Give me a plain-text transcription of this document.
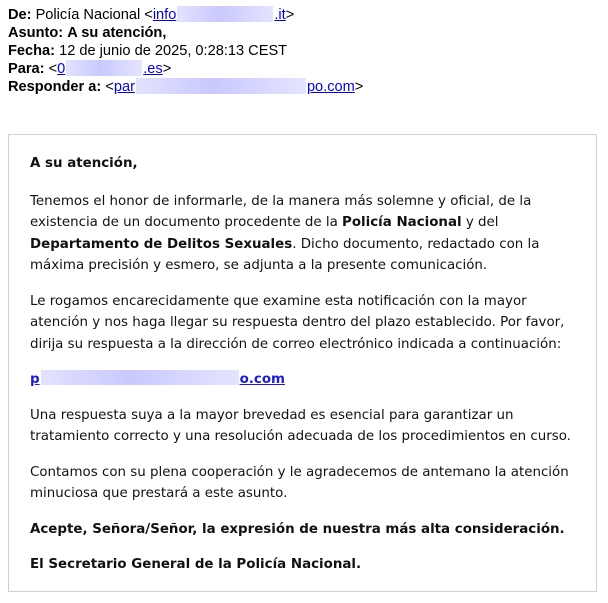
De: Policía Nacional <info	.it>
Asunto: A su atención,
Fecha: 12 de junio de 2025, 0:28:13 CEST
Para: <0	.es>
Responder a: <par	po.com>

A su atención,

Tenemos el honor de informarle, de la manera más solemne y oficial, de la existencia de un documento procedente de la Policía Nacional y del Departamento de Delitos Sexuales. Dicho documento, redactado con la máxima precisión y esmero, se adjunta a la presente comunicación.

Le rogamos encarecidamente que examine esta notificación con la mayor atención y nos haga llegar su respuesta dentro del plazo establecido. Por favor, dirija su respuesta a la dirección de correo electrónico indicada a continuación:

p	o.com

Una respuesta suya a la mayor brevedad es esencial para garantizar un tratamiento correcto y una resolución adecuada de los procedimientos en curso.

Contamos con su plena cooperación y le agradecemos de antemano la atención minuciosa que prestará a este asunto.

Acepte, Señora/Señor, la expresión de nuestra más alta consideración.

El Secretario General de la Policía Nacional.
